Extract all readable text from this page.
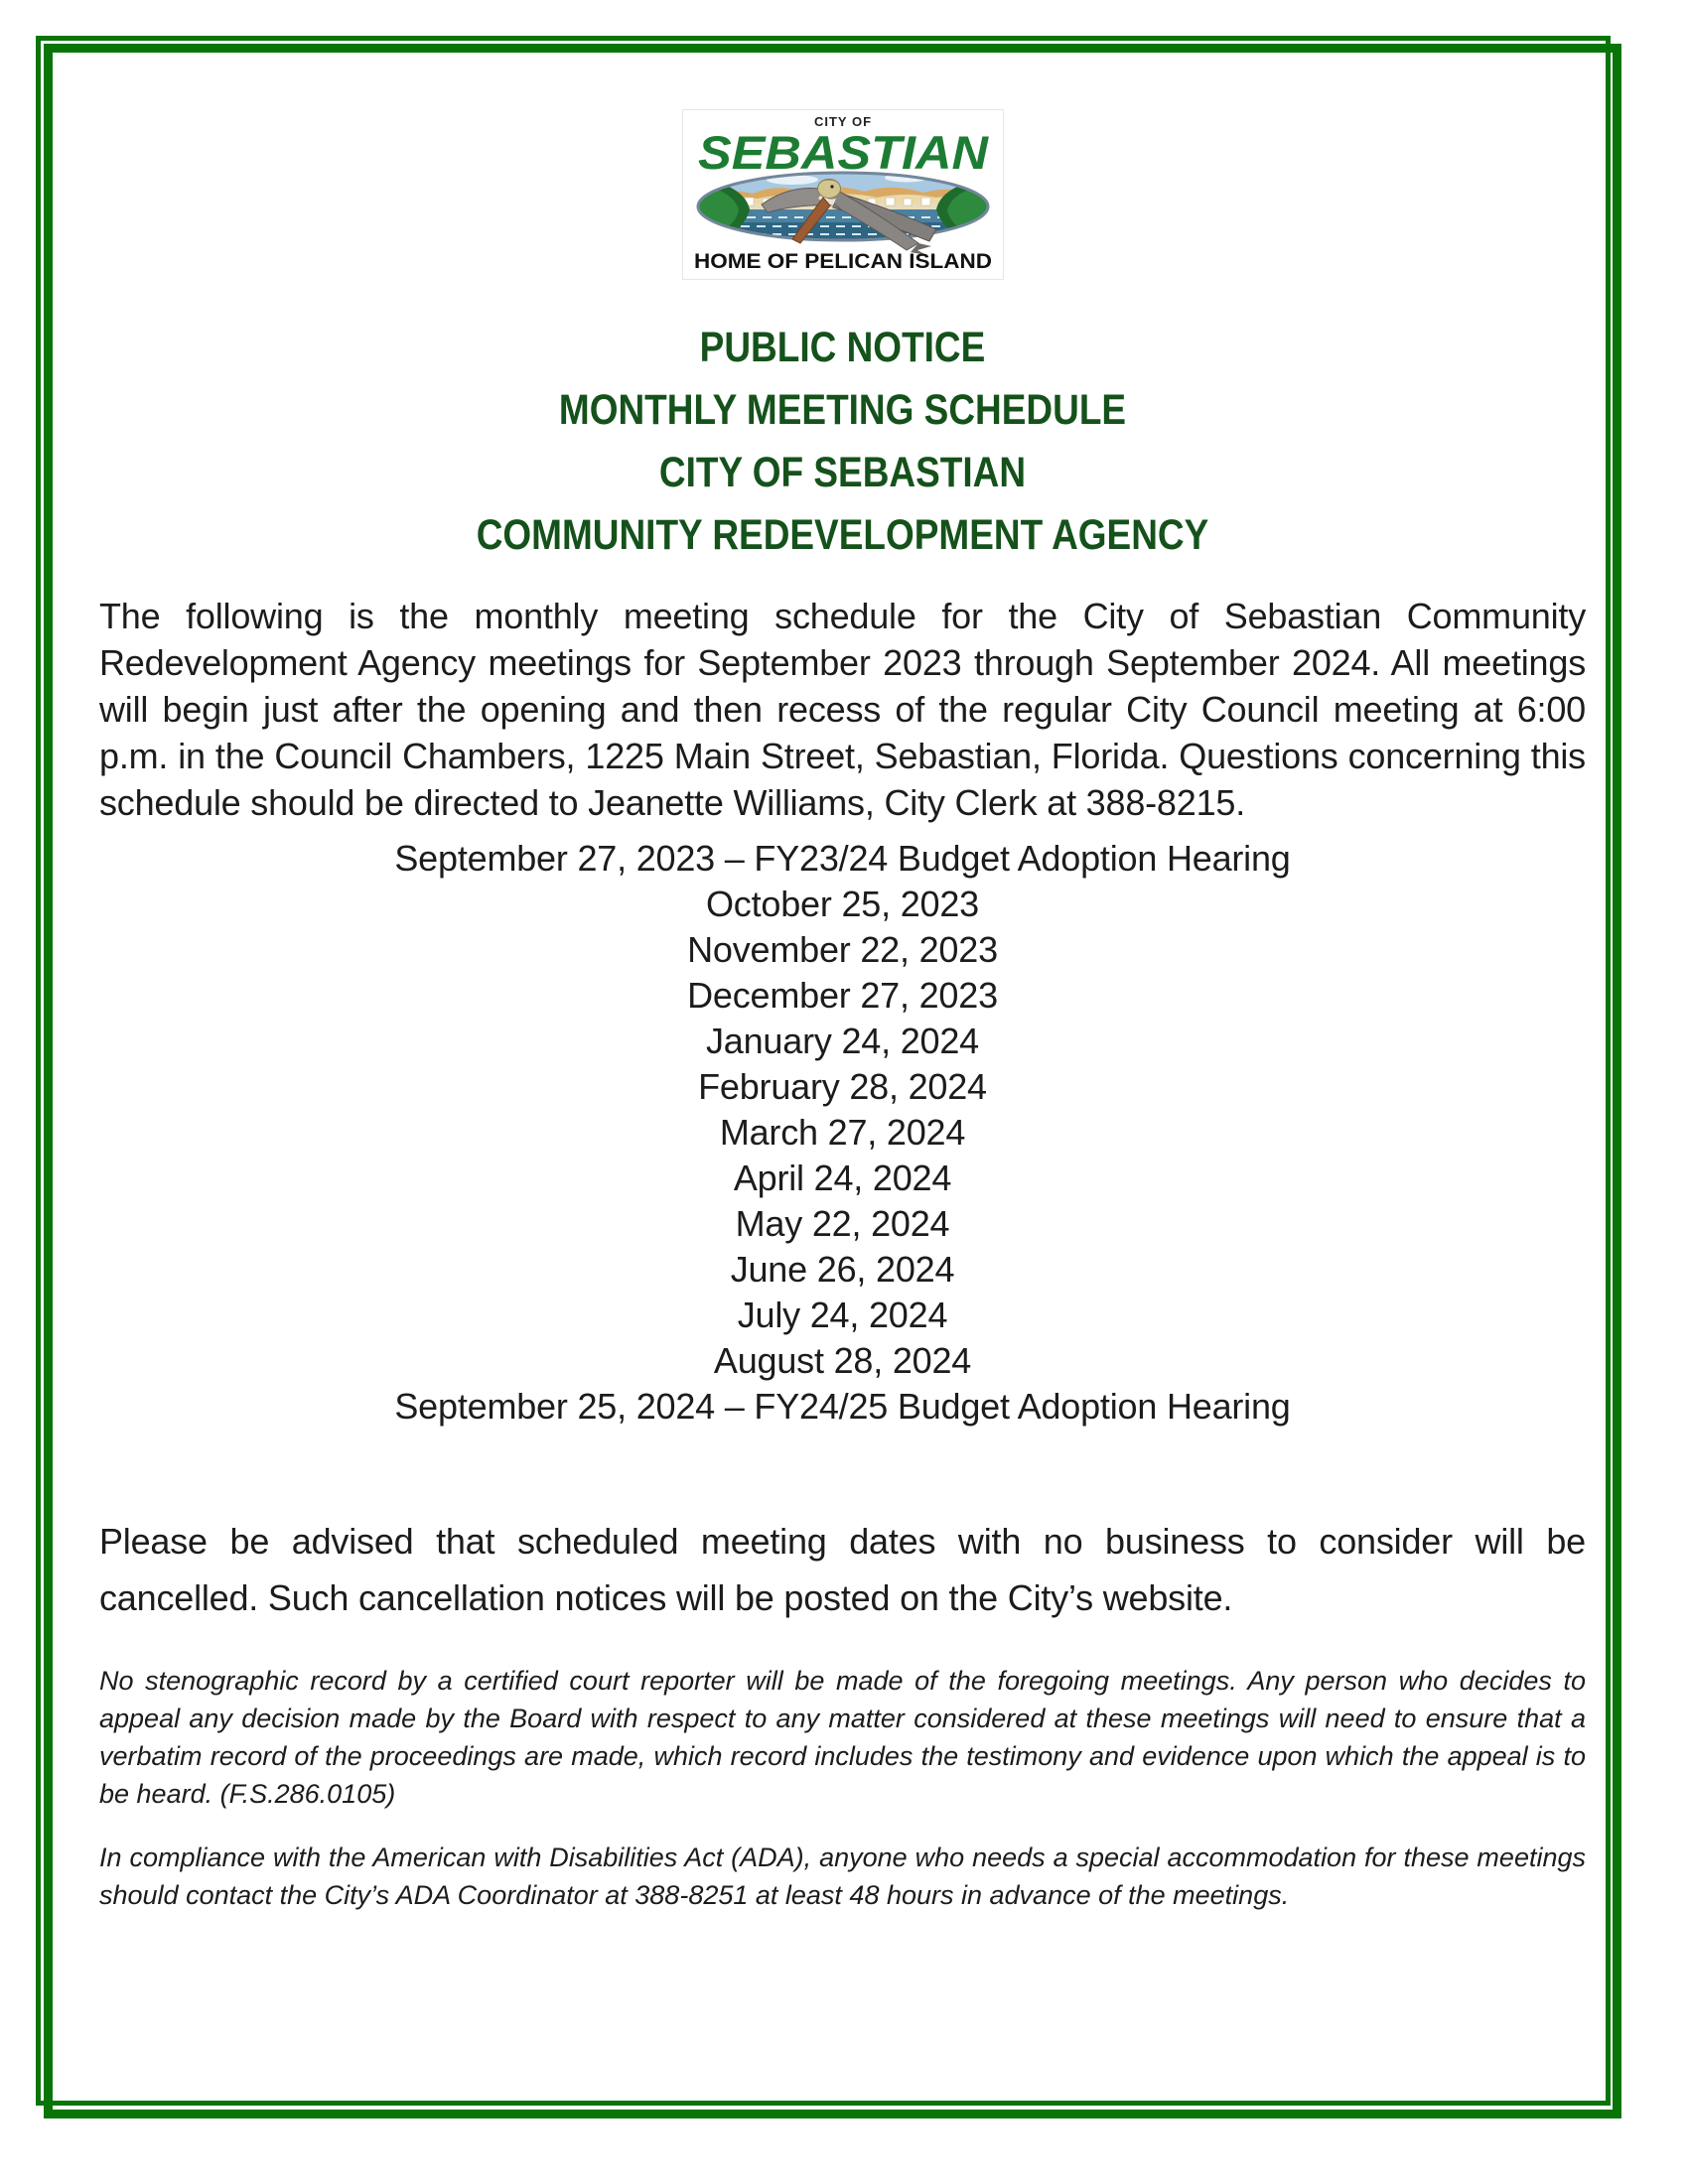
CITY OF
SEBASTIAN
HOME OF PELICAN ISLAND
PUBLIC NOTICE
MONTHLY MEETING SCHEDULE
CITY OF SEBASTIAN
COMMUNITY REDEVELOPMENT AGENCY

The following is the monthly meeting schedule for the City of Sebastian Community Redevelopment Agency meetings for September 2023 through September 2024. All meetings will begin just after the opening and then recess of the regular City Council meeting at 6:00 p.m. in the Council Chambers, 1225 Main Street, Sebastian, Florida. Questions concerning this schedule should be directed to Jeanette Williams, City Clerk at 388-8215.

September 27, 2023 – FY23/24 Budget Adoption Hearing
October 25, 2023
November 22, 2023
December 27, 2023
January 24, 2024
February 28, 2024
March 27, 2024
April 24, 2024
May 22, 2024
June 26, 2024
July 24, 2024
August 28, 2024
September 25, 2024 – FY24/25 Budget Adoption Hearing

Please be advised that scheduled meeting dates with no business to consider will be cancelled. Such cancellation notices will be posted on the City’s website.

No stenographic record by a certified court reporter will be made of the foregoing meetings. Any person who decides to appeal any decision made by the Board with respect to any matter considered at these meetings will need to ensure that a verbatim record of the proceedings are made, which record includes the testimony and evidence upon which the appeal is to be heard. (F.S.286.0105)

In compliance with the American with Disabilities Act (ADA), anyone who needs a special accommodation for these meetings should contact the City’s ADA Coordinator at 388-8251 at least 48 hours in advance of the meetings.
